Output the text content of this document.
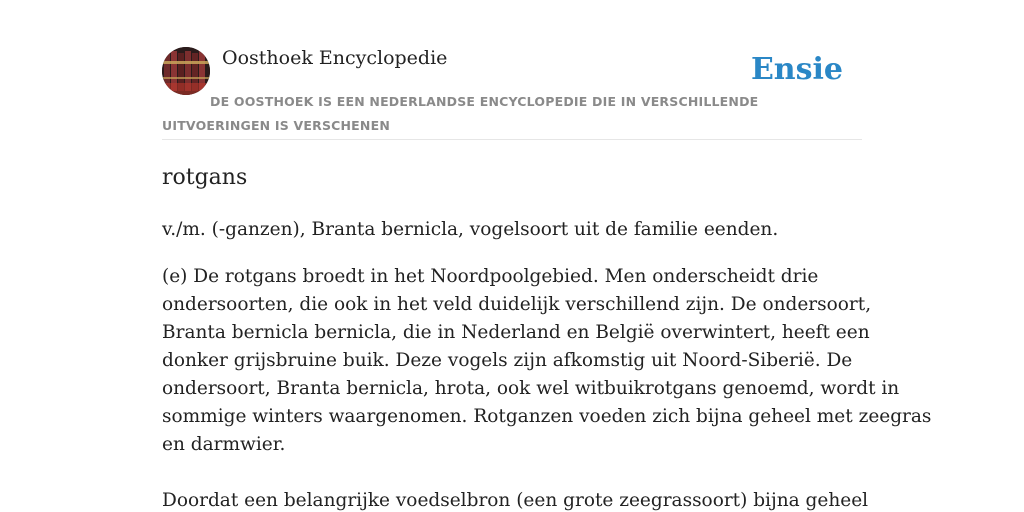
Oosthoek Encyclopedie	Ensie
DE OOSTHOEK IS EEN NEDERLANDSE ENCYCLOPEDIE DIE IN VERSCHILLENDE UITVOERINGEN IS VERSCHENEN
rotgans

v./m. (-ganzen), Branta bernicla, vogelsoort uit de familie eenden.

(e) De rotgans broedt in het Noordpoolgebied. Men onderscheidt drie
ondersoorten, die ook in het veld duidelijk verschillend zijn. De ondersoort,
Branta bernicla bernicla, die in Nederland en België overwintert, heeft een
donker grijsbruine buik. Deze vogels zijn afkomstig uit Noord-Siberië. De
ondersoort, Branta bernicla, hrota, ook wel witbuikrotgans genoemd, wordt in
sommige winters waargenomen. Rotganzen voeden zich bijna geheel met zeegras
en darmwier.

Doordat een belangrijke voedselbron (een grote zeegrassoort) bijna geheel
